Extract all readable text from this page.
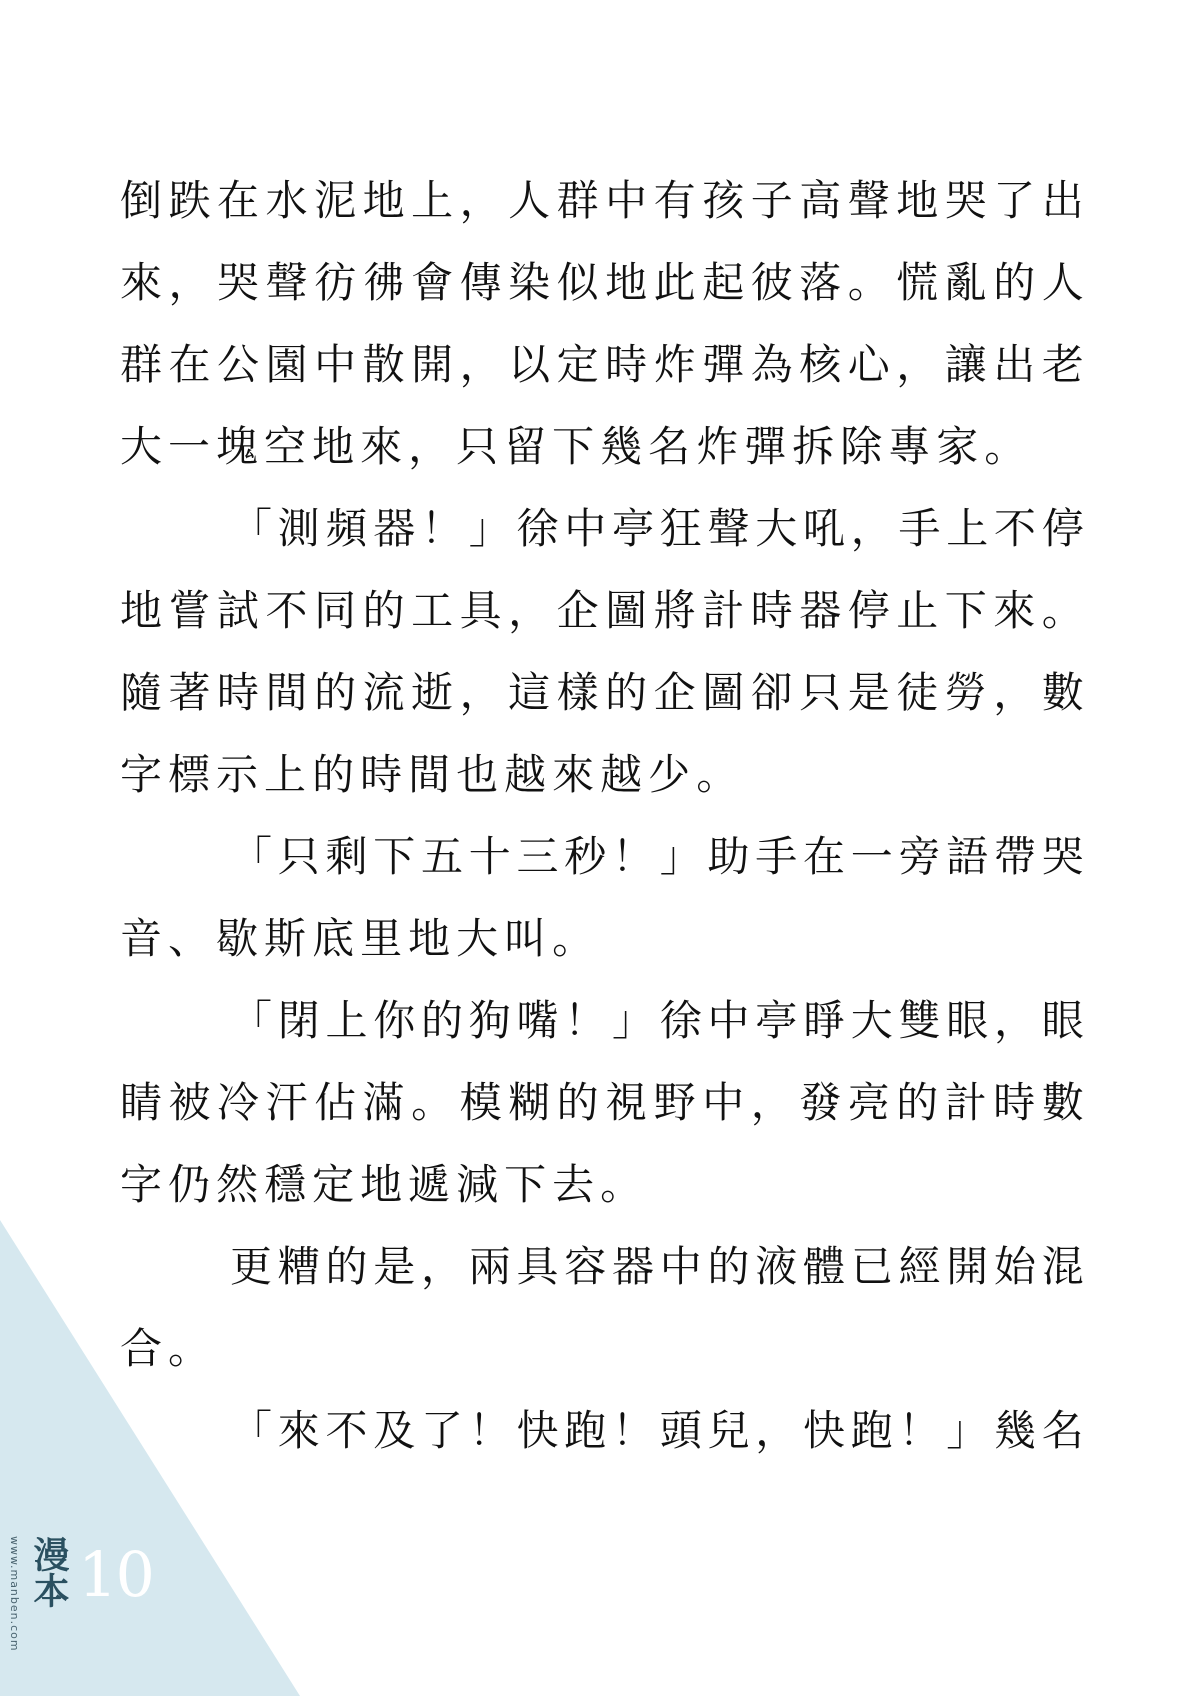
倒 跌 在 水 泥 地 上 ， 人 群 中 有 孩 子 高 聲 地 哭 了 出
來 ， 哭 聲 彷 彿 會 傳 染 似 地 此 起 彼 落 。 慌 亂 的 人
群 在 公 園 中 散 開 ， 以 定 時 炸 彈 為 核 心 ， 讓 出 老
大 一 塊 空 地 來 ， 只 留 下 幾 名 炸 彈 拆 除 專 家 。
「 測 頻 器 ！ 」 徐 中 亭 狂 聲 大 吼 ， 手 上 不 停
地 嘗 試 不 同 的 工 具 ， 企 圖 將 計 時 器 停 止 下 來 。
隨 著 時 間 的 流 逝 ， 這 樣 的 企 圖 卻 只 是 徒 勞 ， 數
字 標 示 上 的 時 間 也 越 來 越 少 。
「 只 剩 下 五 十 三 秒 ！ 」 助 手 在 一 旁 語 帶 哭
音 、 歇 斯 底 里 地 大 叫 。
「 閉 上 你 的 狗 嘴 ！ 」 徐 中 亭 睜 大 雙 眼 ， 眼
睛 被 冷 汗 佔 滿 。 模 糊 的 視 野 中 ， 發 亮 的 計 時 數
字 仍 然 穩 定 地 遞 減 下 去 。
更 糟 的 是 ， 兩 具 容 器 中 的 液 體 已 經 開 始 混
合 。
「 來 不 及 了 ！ 快 跑 ！ 頭 兒 ， 快 跑 ！ 」 幾 名
10
www.manben.com 漫本
